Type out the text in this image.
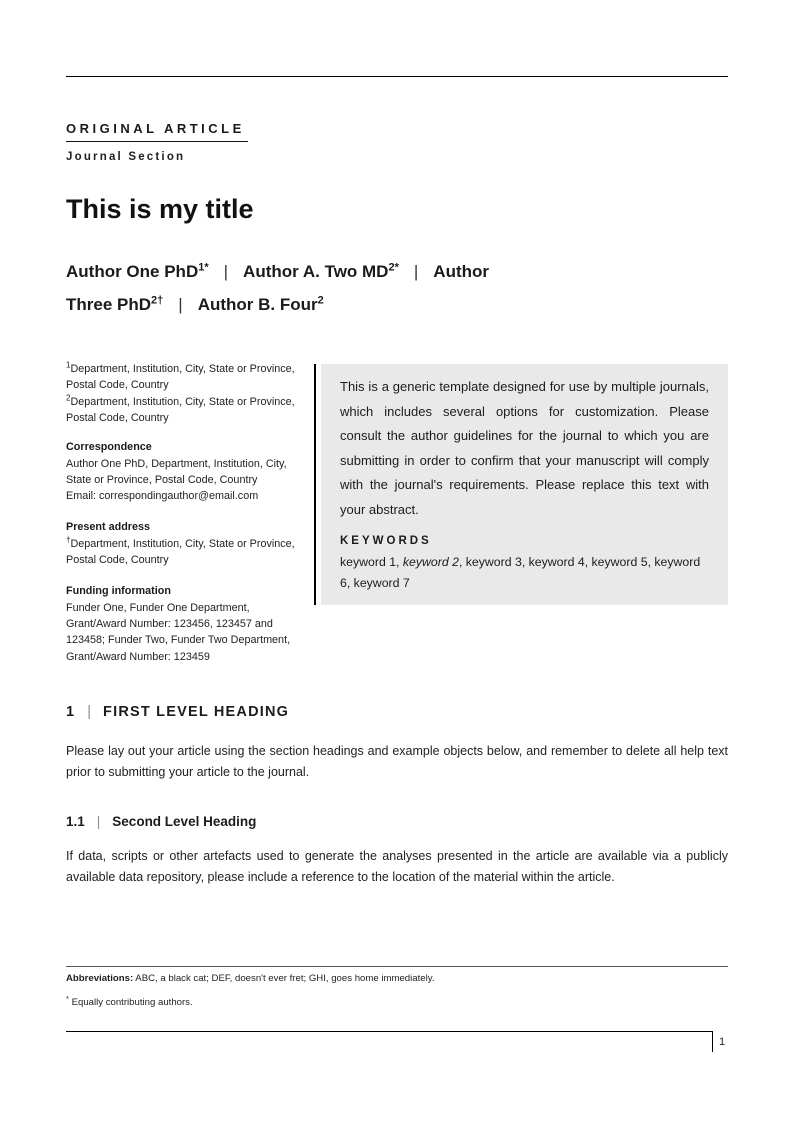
ORIGINAL ARTICLE
Journal Section
This is my title
Author One PhD$^{1*}$ | Author A. Two $MD^{2*}$ | Author Three PhD$^{2\dagger}$ | Author B. Four$^2$

$^1$Department, Institution, City, State or Province, Postal Code, Country

$^2$Department, Institution, City, State or Province, Postal Code, Country

Correspondence

Author One PhD, Department, Institution, City, State or Province, Postal Code, Country

Email: correspondingauthor@email.com

Present address

†Department, Institution, City, State or Province, Postal Code, Country

Funding information

Funder One, Funder One Department, Grant/Award Number: 123456, 123457 and 123458; Funder Two, Funder Two Department, Grant/Award Number: 123459

This is a generic template designed for use by multiple journals, which includes several options for customization. Please consult the author guidelines for the journal to which you are submitting in order to confirm that your manuscript will comply with the journal's requirements. Please replace this text with your abstract.

KEYWORDS

keyword 1, keyword 2, keyword 3, keyword 4, keyword 5, keyword 6, keyword 7

1 | FIRST LEVEL HEADING

Please lay out your article using the section headings and example objects below, and remember to delete all help text prior to submitting your article to the journal.

1.1 | Second Level Heading

If data, scripts or other artefacts used to generate the analyses presented in the article are available via a publicly available data repository, please include a reference to the location of the material within the article.

Abbreviations: ABC, a black cat; DEF, doesn't ever fret; GHI, goes home immediately.

* Equally contributing authors.

1
